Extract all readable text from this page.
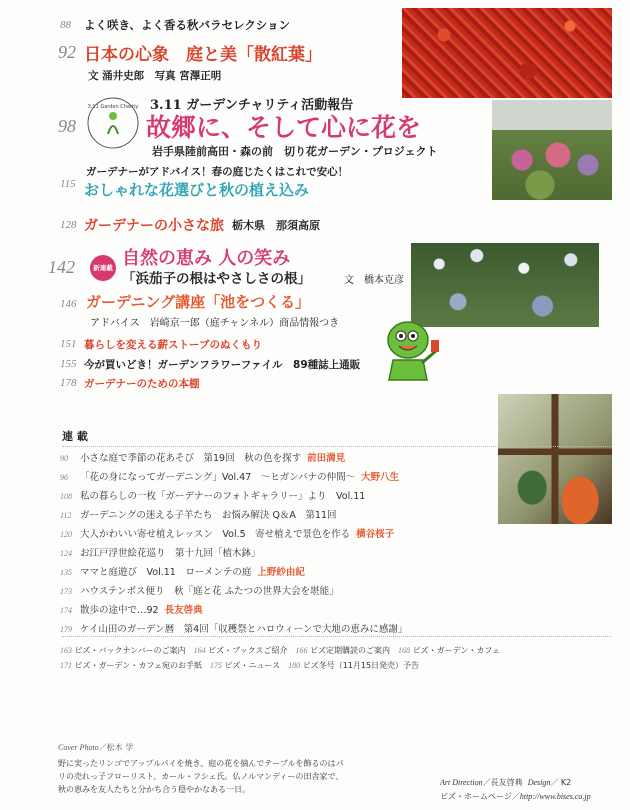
88 よく咲き、よく香る秋バラセレクション
92 日本の心象　庭と美「散紅葉」
文 涌井史郎　写真 宮澤正明
3.11 Garden Charity 3.11 ガーデンチャリティ活動報告
98	故郷に、そして心に花を
岩手県陸前高田・森の前　切り花ガーデン・プロジェクト
115
ガーデナーがアドバイス！春の庭じたくはこれで安心！
おしゃれな花選びと秋の植え込み
128 ガーデナーの小さな旅 栃木県　那須高原
142	新連載 自然の恵み 人の笑み
「浜茄子の根はやさしさの根」	文　橋本克彦
146 ガーデニング講座「池をつくる」
アドバイス　岩崎京一郎（庭チャンネル）商品情報つき
151 暮らしを変える薪ストーブのぬくもり
155 今が買いどき！ガーデンフラワーファイル　89種誌上通販
178 ガーデナーのための本棚
連 載
90 小さな庭で季節の花あそび　第19回　秋の色を探す 前田満見
96 「花の身になってガーデニング」Vol.47　〜ヒガンバナの仲間〜 大野八生
108 私の暮らしの一枚「ガーデナーのフォトギャラリー」より　Vol.11
112 ガーデニングの迷える子羊たち　お悩み解決 Q＆A　第11回
120 大人かわいい寄せ植えレッスン　Vol.5　寄せ植えで景色を作る 横谷桜子
124 お江戸浮世絵花巡り　第十九回「植木鉢」
135 ママと庭遊び　Vol.11　ローメンテの庭 上野紗由紀
173 ハウステンボス便り　秋「庭と花 ふたつの世界大会を堪能」
174 散歩の途中で…92 長友啓典
179 ケイ山田のガーデン暦　第4回「収穫祭とハロウィーンで大地の恵みに感謝」
163 ビズ・バックナンバーのご案内 164 ビズ・ブックスご紹介 166 ビズ定期購読のご案内 168 ビズ・ガーデン・カフェ
171 ビズ・ガーデン・カフェ宛のお手紙 175 ビズ・ニュース 180 ビズ冬号（11月15日発売）予告
Cover Photo／松木 学
野に実ったリンゴでアップルパイを焼き、庭の花を摘んでテーブルを飾るのはパ
リの売れっ子フローリスト、カール・フシェ氏。仏ノルマンディーの田舎家で、
秋の恵みを友人たちと分かち合う穏やかなある一日。
Art Direction／長友啓典 Design／ K2
ビズ・ホームページ／http://www.bises.co.jp
